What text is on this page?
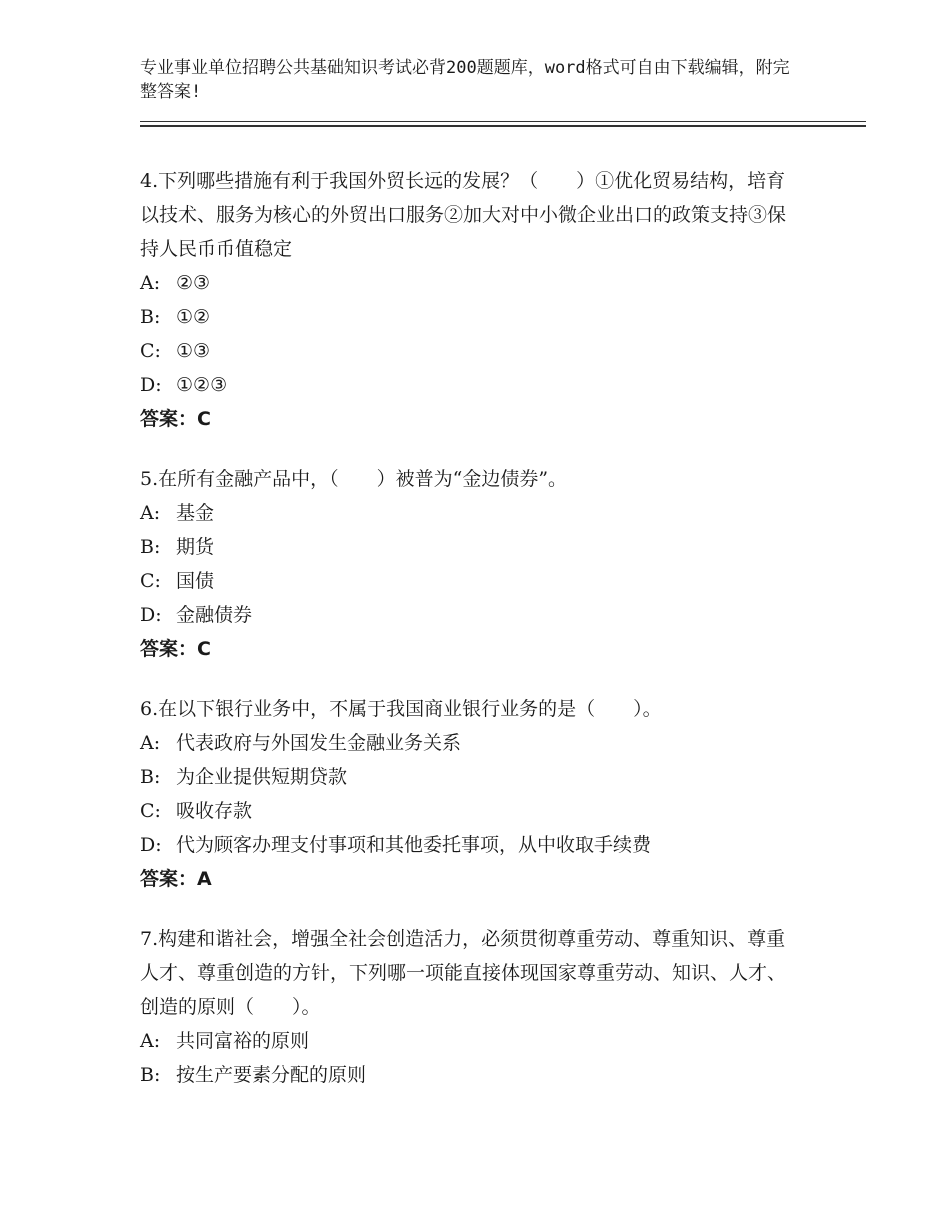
专业事业单位招聘公共基础知识考试必背200题题库，word格式可自由下载编辑，附完整答案!
4.下列哪些措施有利于我国外贸长远的发展？（　　）①优化贸易结构，培育以技术、服务为核心的外贸出口服务②加大对中小微企业出口的政策支持③保持人民币币值稳定
A: ②③
B: ①②
C: ①③
D: ①②③
答案：C
5.在所有金融产品中，（　　）被普为“金边债券”。
A: 基金
B: 期货
C: 国债
D: 金融债券
答案：C
6.在以下银行业务中，不属于我国商业银行业务的是（　　）。
A: 代表政府与外国发生金融业务关系
B: 为企业提供短期贷款
C: 吸收存款
D: 代为顾客办理支付事项和其他委托事项，从中收取手续费
答案：A
7.构建和谐社会，增强全社会创造活力，必须贯彻尊重劳动、尊重知识、尊重人才、尊重创造的方针，下列哪一项能直接体现国家尊重劳动、知识、人才、创造的原则（　　）。
A: 共同富裕的原则
B: 按生产要素分配的原则
